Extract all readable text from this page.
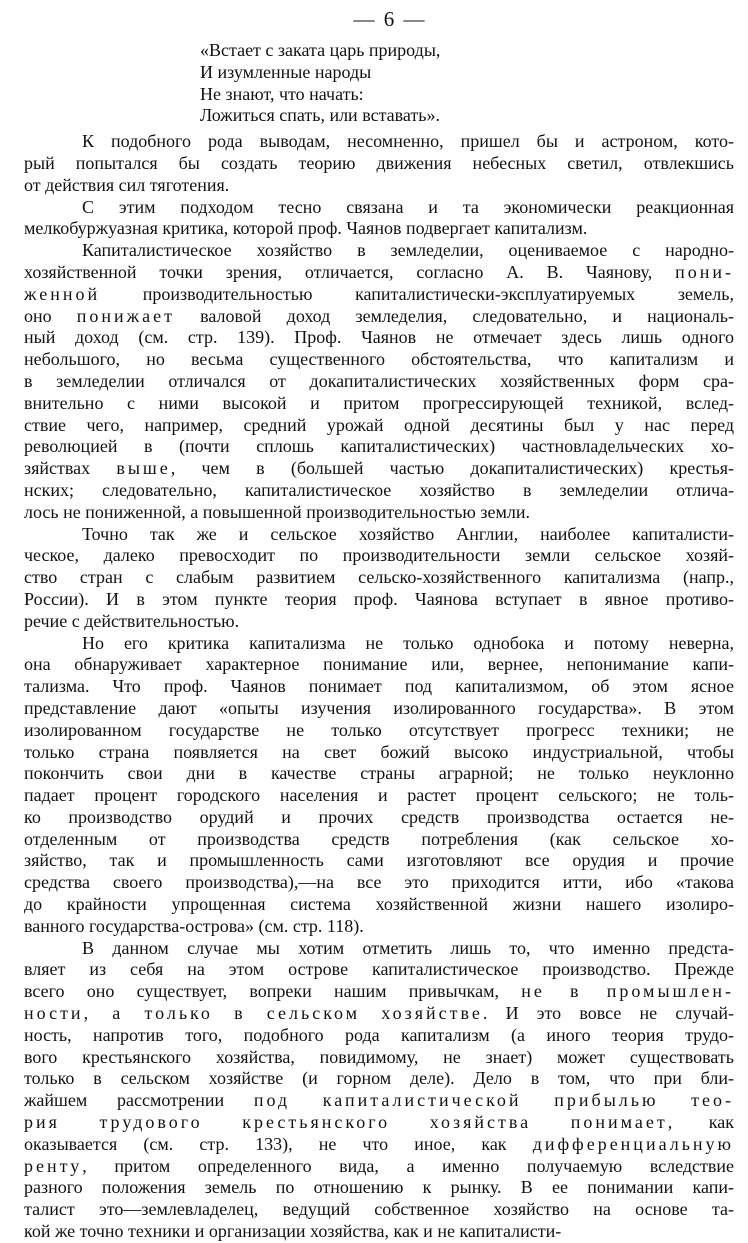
— 6 —
«Встает с заката царь природы,
И изумленные народы
Не знают, что начать:
Ложиться спать, или вставать».
К подобного рода выводам, несомненно, пришел бы и астроном, кото-
рый попытался бы создать теорию движения небесных светил, отвлекшись
от действия сил тяготения.
С этим подходом тесно связана и та экономически реакционная
мелкобуржуазная критика, которой проф. Чаянов подвергает капитализм.
Капиталистическое хозяйство в земледелии, оцениваемое с народно-
хозяйственной точки зрения, отличается, согласно А. В. Чаянову, пони-
женной производительностью капиталистически-эксплуатируемых земель,
оно понижает валовой доход земледелия, следовательно, и националь-
ный доход (см. стр. 139). Проф. Чаянов не отмечает здесь лишь одного
небольшого, но весьма существенного обстоятельства, что капитализм и
в земледелии отличался от докапиталистических хозяйственных форм сра-
внительно с ними высокой и притом прогрессирующей техникой, вслед-
ствие чего, например, средний урожай одной десятины был у нас перед
революцией в (почти сплошь капиталистических) частновладельческих хо-
зяйствах выше, чем в (большей частью докапиталистических) крестья-
нских; следовательно, капиталистическое хозяйство в земледелии отлича-
лось не пониженной, а повышенной производительностью земли.
Точно так же и сельское хозяйство Англии, наиболее капиталисти-
ческое, далеко превосходит по производительности земли сельское хозяй-
ство стран с слабым развитием сельско-хозяйственного капитализма (напр.,
России). И в этом пункте теория проф. Чаянова вступает в явное противо-
речие с действительностью.
Но его критика капитализма не только однобока и потому неверна,
она обнаруживает характерное понимание или, вернее, непонимание капи-
тализма. Что проф. Чаянов понимает под капитализмом, об этом ясное
представление дают «опыты изучения изолированного государства». В этом
изолированном государстве не только отсутствует прогресс техники; не
только страна появляется на свет божий высоко индустриальной, чтобы
покончить свои дни в качестве страны аграрной; не только неуклонно
падает процент городского населения и растет процент сельского; не толь-
ко производство орудий и прочих средств производства остается не-
отделенным от производства средств потребления (как сельское хо-
зяйство, так и промышленность сами изготовляют все орудия и прочие
средства своего производства),—на все это приходится итти, ибо «такова
до крайности упрощенная система хозяйственной жизни нашего изолиро-
ванного государства-острова» (см. стр. 118).
В данном случае мы хотим отметить лишь то, что именно предста-
вляет из себя на этом острове капиталистическое производство. Прежде
всего оно существует, вопреки нашим привычкам, не в промышлен-
ности, а только в сельском хозяйстве. И это вовсе не случай-
ность, напротив того, подобного рода капитализм (а иного теория трудо-
вого крестьянского хозяйства, повидимому, не знает) может существовать
только в сельском хозяйстве (и горном деле). Дело в том, что при бли-
жайшем рассмотрении под капиталистической прибылью тео-
рия трудового крестьянского хозяйства понимает, как
оказывается (см. стр. 133), не что иное, как дифференциальную
ренту, притом определенного вида, а именно получаемую вследствие
разного положения земель по отношению к рынку. В ее понимании капи-
талист это—землевладелец, ведущий собственное хозяйство на основе та-
кой же точно техники и организации хозяйства, как и не капиталисти-
